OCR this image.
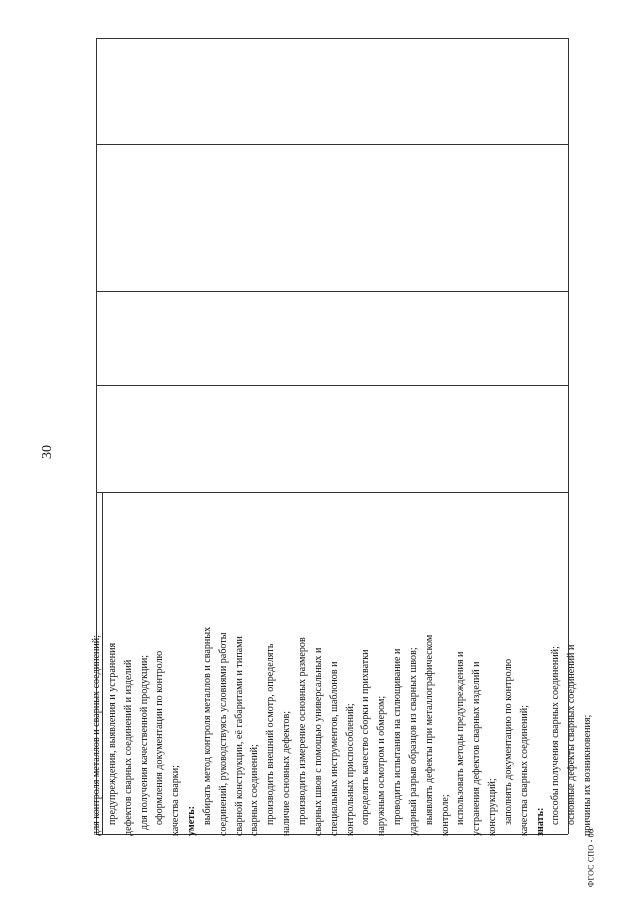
30
для контроля металлов и сварных соединений; предупреждения, выявления и устранения дефектов сварных соединений и изделий для получения качественной продукции; оформления документации по контролю качества сварки; уметь: выбирать метод контроля металлов и сварных соединений, руководствуясь условиями работы сварной конструкции, её габаритами и типами сварных соединений; производить внешний осмотр, определять наличие основных дефектов; производить измерение основных размеров сварных швов с помощью универсальных и специальных инструментов, шаблонов и контрольных приспособлений; определять качество сборки и прихватки наружным осмотром и обмером; проводить испытания на сплющивание и ударный разрыв образцов из сварных швов; выявлять дефекты при металлографическом контроле; использовать методы предупреждения и устранения дефектов сварных изделий и конструкций; заполнять документацию по контролю качества сварных соединений; знать: способы получения сварных соединений; основные дефекты сварных соединений и причины их возникновения;
ФГОС СПО - 06
